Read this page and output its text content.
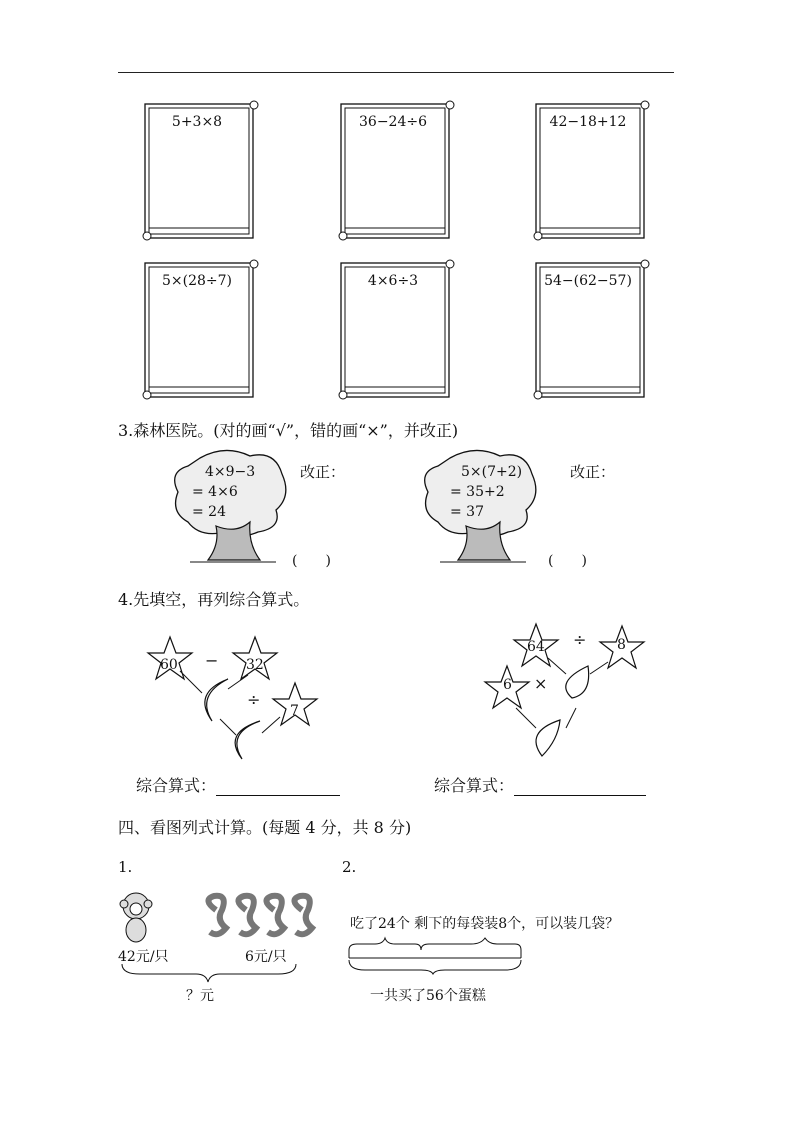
5+3×8	36−24÷6	42−18+12
5×(28÷7)	4×6÷3	54−(62−57)
3.森林医院。(对的画“√”，错的画“×”，并改正)
4×9−3
= 4×6
= 24
改正：
(　　)
5×(7+2)
= 35+2
= 37
改正：
(　　)
4.先填空，再列综合算式。
60	32
7
−
÷
64	8
6
÷
×
综合算式：	综合算式：
四、看图列式计算。(每题 4 分，共 8 分)
1.	2.
42元/只	6元/只
？元
吃了24个 剩下的每袋装8个，可以装几袋？
一共买了56个蛋糕
